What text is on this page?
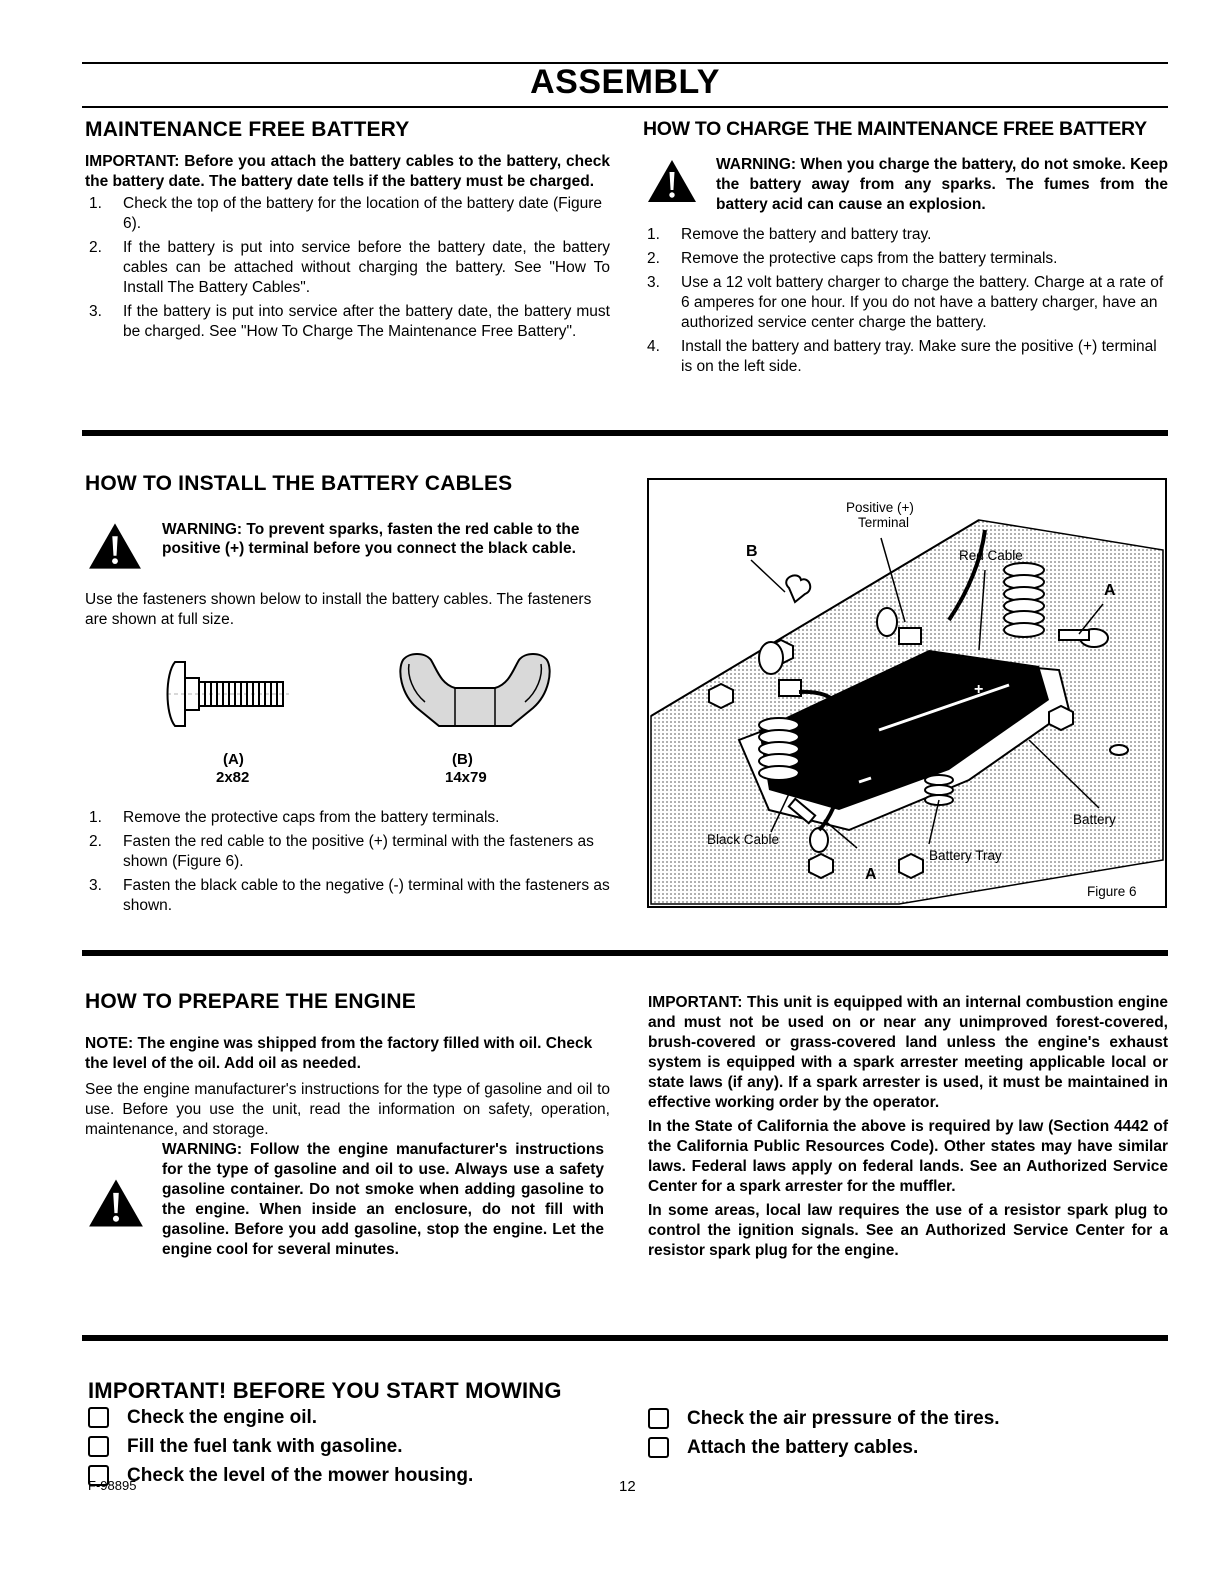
ASSEMBLY
MAINTENANCE FREE BATTERY
IMPORTANT: Before you attach the battery cables to the battery, check the battery date. The battery date tells if the battery must be charged.
1. Check the top of the battery for the location of the battery date (Figure 6).
2. If the battery is put into service before the battery date, the battery cables can be attached without charging the battery. See "How To Install The Battery Cables".
3. If the battery is put into service after the battery date, the battery must be charged. See "How To Charge The Maintenance Free Battery".
HOW TO CHARGE THE MAINTENANCE FREE BATTERY
WARNING: When you charge the battery, do not smoke. Keep the battery away from any sparks. The fumes from the battery acid can cause an explosion.
1. Remove the battery and battery tray.
2. Remove the protective caps from the battery terminals.
3. Use a 12 volt battery charger to charge the battery. Charge at a rate of 6 amperes for one hour. If you do not have a battery charger, have an authorized service center charge the battery.
4. Install the battery and battery tray. Make sure the positive (+) terminal is on the left side.
HOW TO INSTALL THE BATTERY CABLES
WARNING: To prevent sparks, fasten the red cable to the positive (+) terminal before you connect the black cable.
Use the fasteners shown below to install the battery cables. The fasteners are shown at full size.
(A)
2x82
(B)
14x79
1. Remove the protective caps from the battery terminals.
2. Fasten the red cable to the positive (+) terminal with the fasteners as shown (Figure 6).
3. Fasten the black cable to the negative (-) terminal with the fasteners as shown.
+
Positive (+)
Terminal
Red Cable
B
A
Battery
Black Cable
Battery Tray
A
Figure 6
HOW TO PREPARE THE ENGINE
NOTE: The engine was shipped from the factory filled with oil. Check the level of the oil. Add oil as needed.
See the engine manufacturer's instructions for the type of gasoline and oil to use. Before you use the unit, read the information on safety, operation, maintenance, and storage.
WARNING: Follow the engine manufacturer's instructions for the type of gasoline and oil to use. Always use a safety gasoline container. Do not smoke when adding gasoline to the engine. When inside an enclosure, do not fill with gasoline. Before you add gasoline, stop the engine. Let the engine cool for several minutes.
IMPORTANT: This unit is equipped with an internal combustion engine and must not be used on or near any unimproved forest-covered, brush-covered or grass-covered land unless the engine's exhaust system is equipped with a spark arrester meeting applicable local or state laws (if any). If a spark arrester is used, it must be maintained in effective working order by the operator.
In the State of California the above is required by law (Section 4442 of the California Public Resources Code). Other states may have similar laws. Federal laws apply on federal lands. See an Authorized Service Center for a spark arrester for the muffler.
In some areas, local law requires the use of a resistor spark plug to control the ignition signals. See an Authorized Service Center for a resistor spark plug for the engine.
IMPORTANT! BEFORE YOU START MOWING
Check the engine oil.
Fill the fuel tank with gasoline.
Check the level of the mower housing.
Check the air pressure of the tires.
Attach the battery cables.
F-98895	12
